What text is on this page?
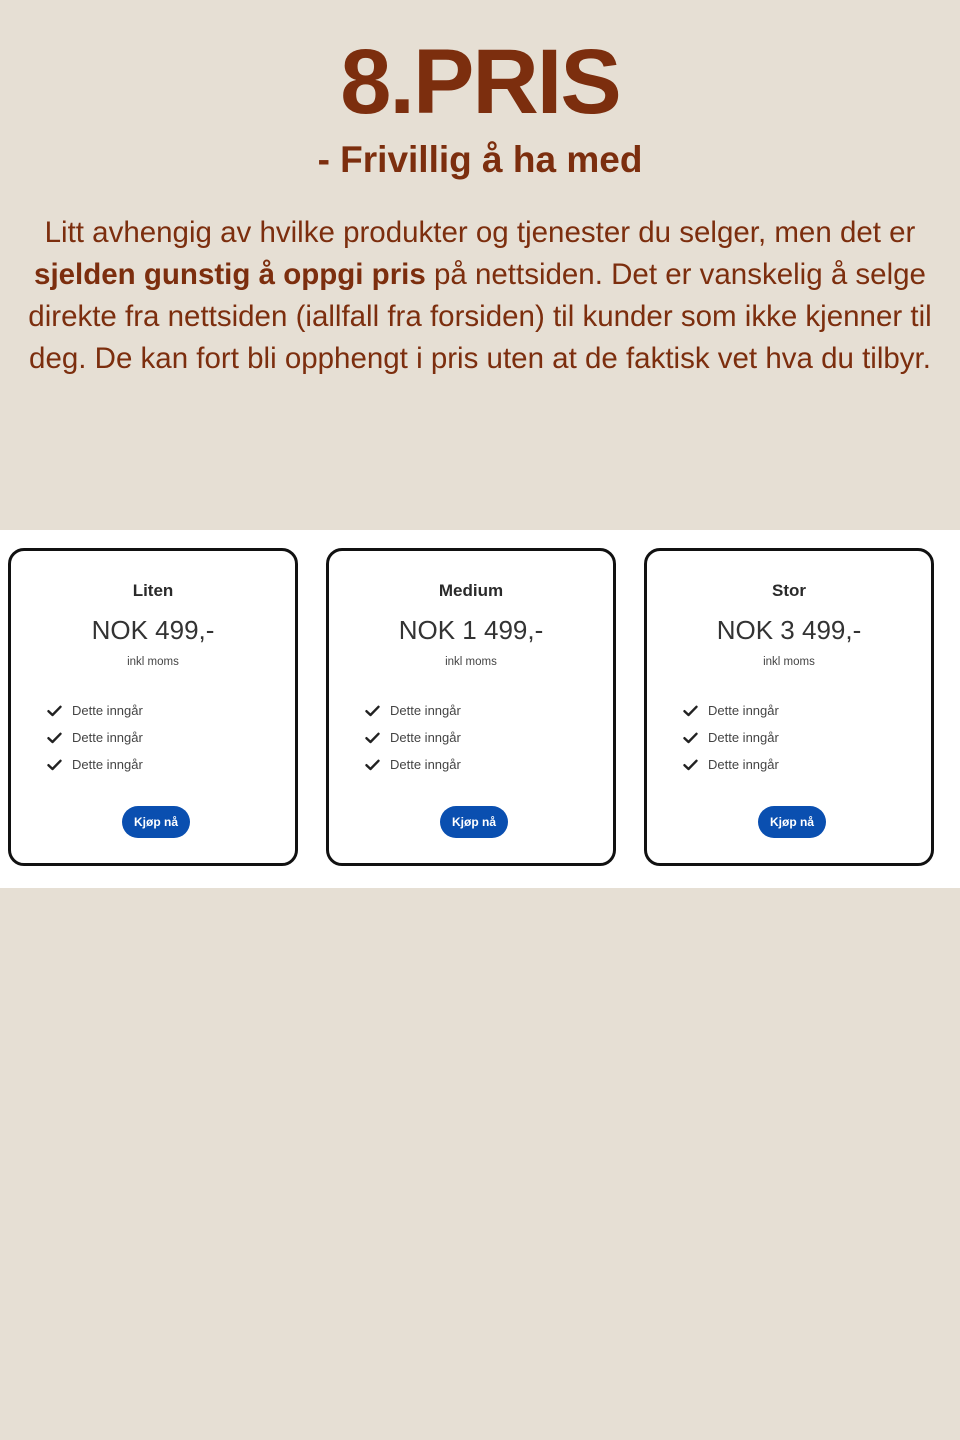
8.PRIS
- Frivillig å ha med

Litt avhengig av hvilke produkter og tjenester du selger, men det er sjelden gunstig å oppgi pris på nettsiden. Det er vanskelig å selge direkte fra nettsiden (iallfall fra forsiden) til kunder som ikke kjenner til deg. De kan fort bli opphengt i pris uten at de faktisk vet hva du tilbyr.

Liten
NOK 499,-
inkl moms
Dette inngår
Dette inngår
Dette inngår
Kjøp nå
Medium
NOK 1 499,-
inkl moms
Dette inngår
Dette inngår
Dette inngår
Kjøp nå
Stor
NOK 3 499,-
inkl moms
Dette inngår
Dette inngår
Dette inngår
Kjøp nå
